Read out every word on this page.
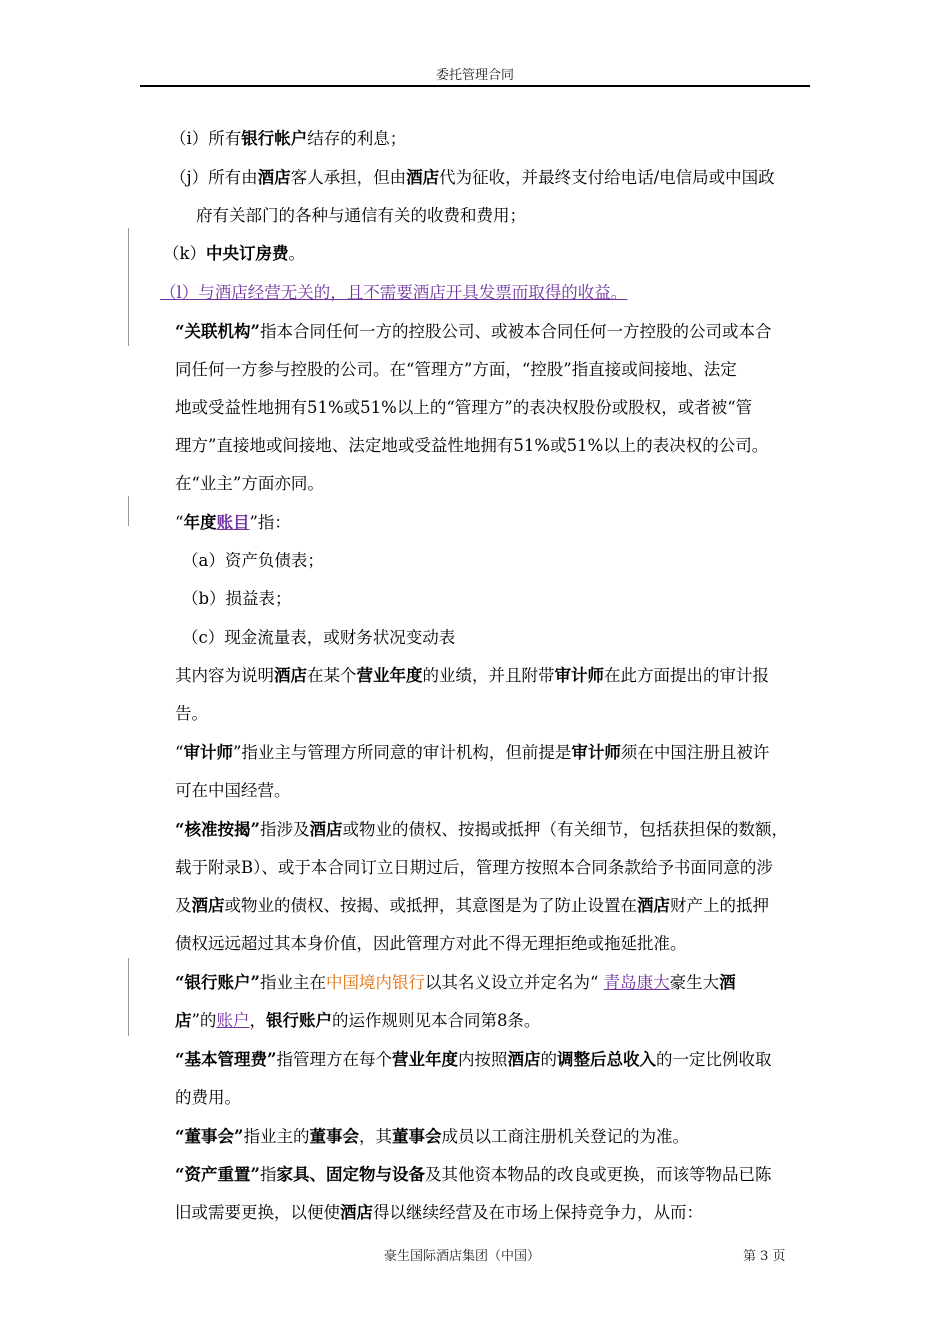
委托管理合同
（i）所有银行帐户结存的利息；
（j）所有由酒店客人承担，但由酒店代为征收，并最终支付给电话/电信局或中国政
府有关部门的各种与通信有关的收费和费用；
（k）中央订房费。
（l）与酒店经营无关的，且不需要酒店开具发票而取得的收益。
“关联机构”指本合同任何一方的控股公司、或被本合同任何一方控股的公司或本合
同任何一方参与控股的公司。在“管理方”方面，“控股”指直接或间接地、法定
地或受益性地拥有51%或51%以上的“管理方”的表决权股份或股权，或者被“管
理方”直接地或间接地、法定地或受益性地拥有51%或51%以上的表决权的公司。
在“业主”方面亦同。
“年度账目”指：
（a）资产负债表；
（b）损益表；
（c）现金流量表，或财务状况变动表
其内容为说明酒店在某个营业年度的业绩，并且附带审计师在此方面提出的审计报
告。
“审计师”指业主与管理方所同意的审计机构，但前提是审计师须在中国注册且被许
可在中国经营。
“核准按揭”指涉及酒店或物业的债权、按揭或抵押（有关细节，包括获担保的数额，
载于附录B）、或于本合同订立日期过后，管理方按照本合同条款给予书面同意的涉
及酒店或物业的债权、按揭、或抵押，其意图是为了防止设置在酒店财产上的抵押
债权远远超过其本身价值，因此管理方对此不得无理拒绝或拖延批准。
“银行账户”指业主在中国境内银行以其名义设立并定名为“ 青岛康大豪生大酒
店”的账户，银行账户的运作规则见本合同第8条。
“基本管理费”指管理方在每个营业年度内按照酒店的调整后总收入的一定比例收取
的费用。
“董事会”指业主的董事会，其董事会成员以工商注册机关登记的为准。
“资产重置”指家具、固定物与设备及其他资本物品的改良或更换，而该等物品已陈
旧或需要更换，以便使酒店得以继续经营及在市场上保持竞争力，从而：
豪生国际酒店集团（中国）	第 3 页
